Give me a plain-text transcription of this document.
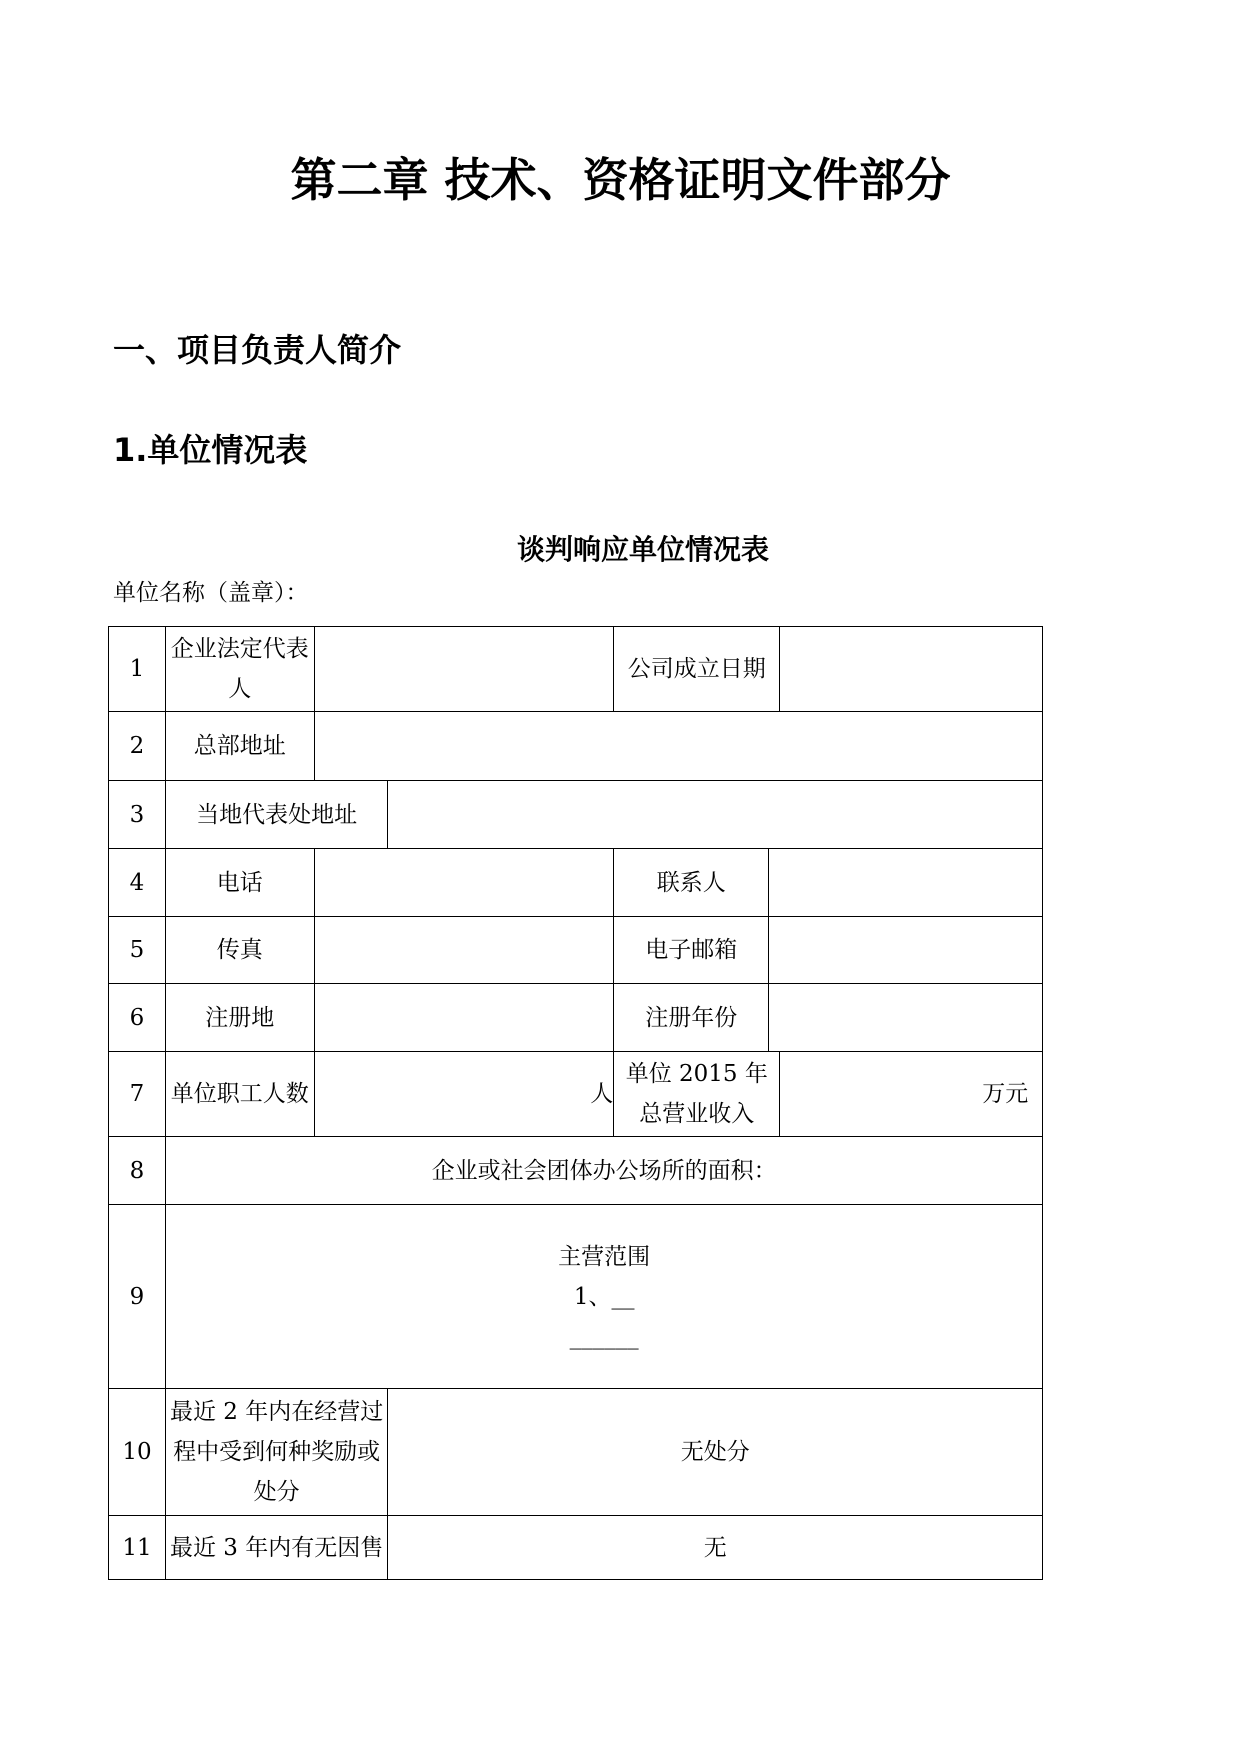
第二章 技术、资格证明文件部分
一、项目负责人简介
1.单位情况表
谈判响应单位情况表
单位名称（盖章）：
1	企业法定代表人			公司成立日期		
2	总部地址					
3	当地代表处地址					
4	电话			联系人		
5	传真			电子邮箱		
6	注册地			注册年份		
7	单位职工人数	人		单位 2015 年总营业收入		万元
8	企业或社会团体办公场所的面积：					
9	主营范围
1、__
______					

10	最近 2 年内在经营过程中受到何种奖励或处分		无处分			
11	最近 3 年内有无因售		无			
